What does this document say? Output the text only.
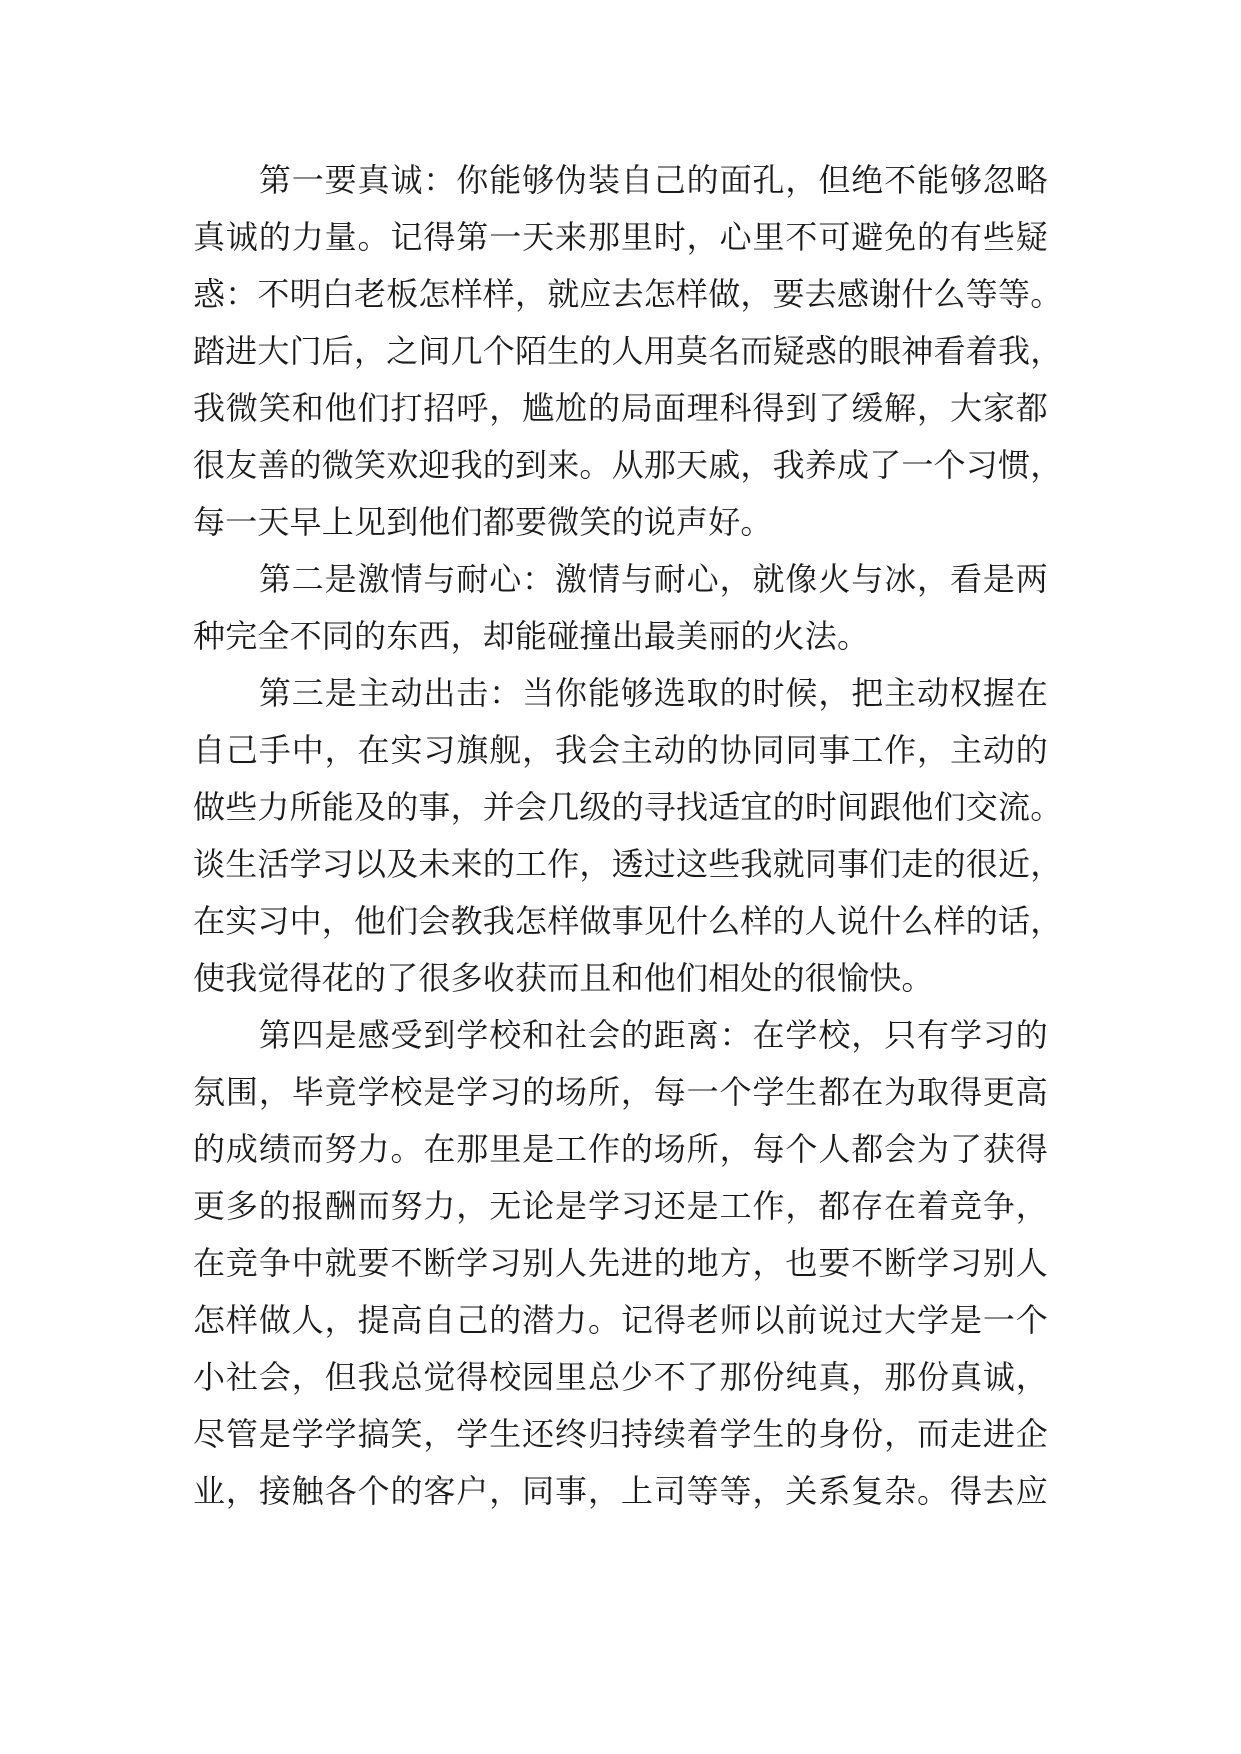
　　第一要真诚：你能够伪装自己的面孔，但绝不能够忽略
真诚的力量。记得第一天来那里时，心里不可避免的有些疑
惑：不明白老板怎样样，就应去怎样做，要去感谢什么等等。
踏进大门后，之间几个陌生的人用莫名而疑惑的眼神看着我，
我微笑和他们打招呼，尴尬的局面理科得到了缓解，大家都
很友善的微笑欢迎我的到来。从那天戚，我养成了一个习惯，
每一天早上见到他们都要微笑的说声好。
　　第二是激情与耐心：激情与耐心，就像火与冰，看是两
种完全不同的东西，却能碰撞出最美丽的火法。
　　第三是主动出击：当你能够选取的时候，把主动权握在
自己手中，在实习旗舰，我会主动的协同同事工作，主动的
做些力所能及的事，并会几级的寻找适宜的时间跟他们交流。
谈生活学习以及未来的工作，透过这些我就同事们走的很近，
在实习中，他们会教我怎样做事见什么样的人说什么样的话，
使我觉得花的了很多收获而且和他们相处的很愉快。
　　第四是感受到学校和社会的距离：在学校，只有学习的
氛围，毕竟学校是学习的场所，每一个学生都在为取得更高
的成绩而努力。在那里是工作的场所，每个人都会为了获得
更多的报酬而努力，无论是学习还是工作，都存在着竞争，
在竞争中就要不断学习别人先进的地方，也要不断学习别人
怎样做人，提高自己的潜力。记得老师以前说过大学是一个
小社会，但我总觉得校园里总少不了那份纯真，那份真诚，
尽管是学学搞笑，学生还终归持续着学生的身份，而走进企
业，接触各个的客户，同事，上司等等，关系复杂。得去应
